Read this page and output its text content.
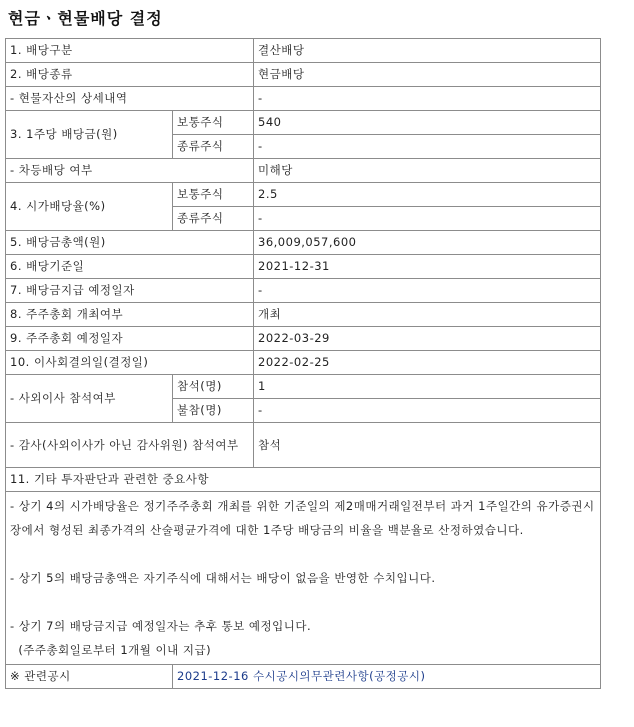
현금ㆍ현물배당 결정
1. 배당구분		결산배당
2. 배당종류		현금배당
- 현물자산의 상세내역		-
3. 1주당 배당금(원)	보통주식	540
	종류주식	-
- 차등배당 여부		미해당
4. 시가배당율(%)	보통주식	2.5
	종류주식	-
5. 배당금총액(원)		36,009,057,600
6. 배당기준일		2021-12-31
7. 배당금지급 예정일자		-
8. 주주총회 개최여부		개최
9. 주주총회 예정일자		2022-03-29
10. 이사회결의일(결정일)		2022-02-25
- 사외이사 참석여부	참석(명)	1
	불참(명)	-
- 감사(사외이사가 아닌 감사위원) 참석여부		참석
11. 기타 투자판단과 관련한 중요사항		

- 상기 4의 시가배당율은 정기주주총회 개최를 위한 기준일의 제2매매거래일전부터 과거 1주일간의 유가증권시장에서 형성된 최종가격의 산술평균가격에 대한 1주당 배당금의 비율을 백분율로 산정하였습니다.
- 상기 5의 배당금총액은 자기주식에 대해서는 배당이 없음을 반영한 수치입니다.
- 상기 7의 배당금지급 예정일자는 추후 통보 예정입니다.
(주주총회일로부터 1개월 이내 지급)		

※ 관련공시	2021-12-16 수시공시의무관련사항(공정공시)	
